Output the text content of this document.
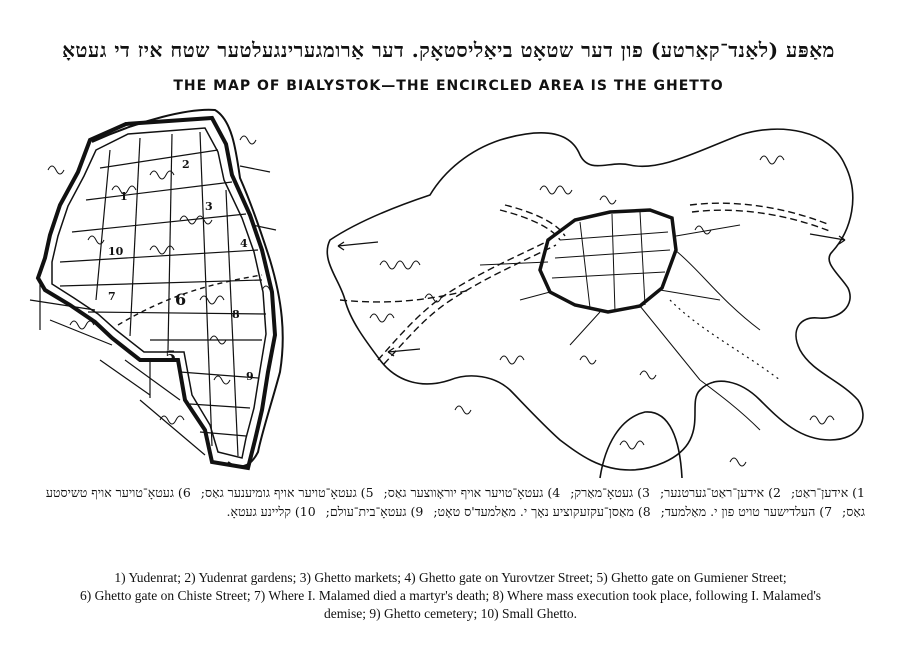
מאַפּע (לאַנד־קאַרטע) פון דער שטאָט ביאַליסטאָק. דער אַרומגערינגעלטער שטח איז די געטאָ
THE MAP OF BIALYSTOK—THE ENCIRCLED AREA IS THE GHETTO
1
2
3
4
5
6
7
8
9
10
1) אידען־ראַט; 2) אידען־ראַט־גערטנער; 3) געטאָ־מאַרק; 4) געטאָ־טויער אויף יוראָווצער גאַס; 5) געטאָ־טויער אויף גומיענער גאַס; 6) געטאָ־טויער אויף טשיסטע גאַס; 7) העלדישער טויט פון י. מאַלמעד; 8) מאַסן־עקזעקוציע נאָך י. מאַלמעד'ס טאָט; 9) געטאָ־בית־עולם; 10) קליינע געטאָ.
1) Yudenrat; 2) Yudenrat gardens; 3) Ghetto markets; 4) Ghetto gate on Yurovtzer Street; 5) Ghetto gate on Gumiener Street;
6) Ghetto gate on Chiste Street; 7) Where I. Malamed died a martyr's death; 8) Where mass execution took place, following I. Malamed's
demise; 9) Ghetto cemetery; 10) Small Ghetto.
